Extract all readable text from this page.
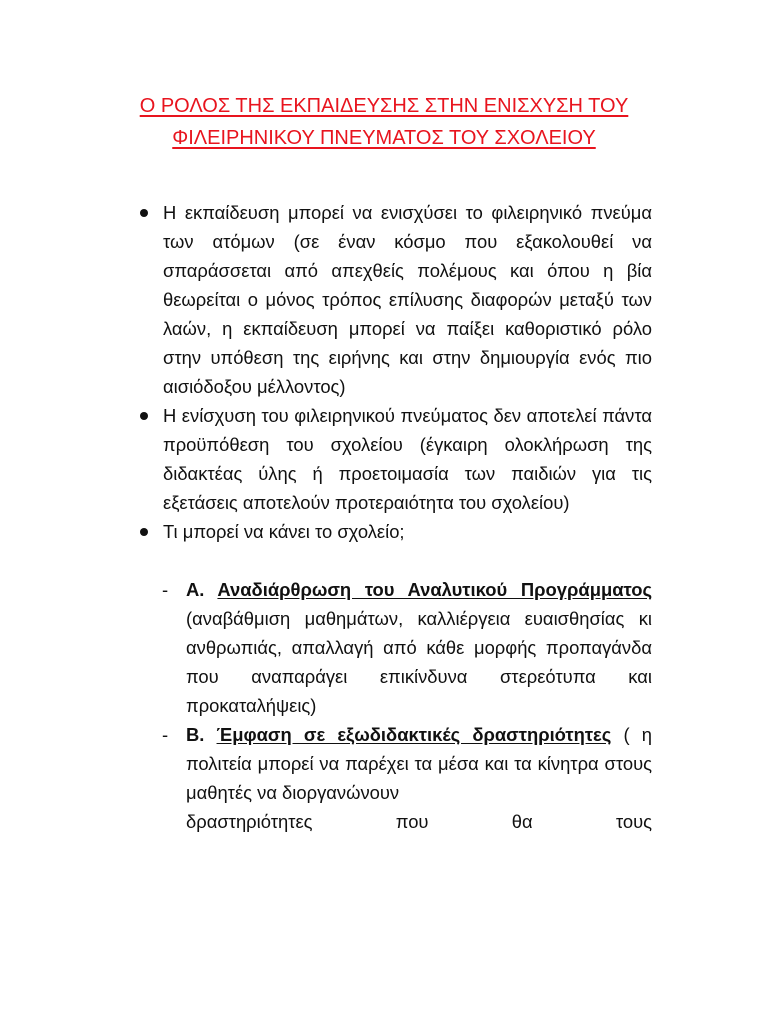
Ο ΡΟΛΟΣ ΤΗΣ ΕΚΠΑΙΔΕΥΣΗΣ ΣΤΗΝ ΕΝΙΣΧΥΣΗ ΤΟΥ
ΦΙΛΕΙΡΗΝΙΚΟΥ ΠΝΕΥΜΑΤΟΣ ΤΟΥ ΣΧΟΛΕΙΟΥ
Η εκπαίδευση μπορεί να ενισχύσει το φιλειρηνικό πνεύμα των ατόμων (σε έναν κόσμο που εξακολουθεί να σπαράσσεται από απεχθείς πολέμους και όπου η βία θεωρείται ο μόνος τρόπος επίλυσης διαφορών μεταξύ των λαών, η εκπαίδευση μπορεί να παίξει καθοριστικό ρόλο στην υπόθεση της ειρήνης και στην δημιουργία ενός πιο αισιόδοξου μέλλοντος)
Η ενίσχυση του φιλειρηνικού πνεύματος δεν αποτελεί πάντα προϋπόθεση του σχολείου (έγκαιρη ολοκλήρωση της διδακτέας ύλης ή προετοιμασία των παιδιών για τις εξετάσεις αποτελούν προτεραιότητα του σχολείου)
Τι μπορεί να κάνει το σχολείο;
- Α. Αναδιάρθρωση του Αναλυτικού Προγράμματος (αναβάθμιση μαθημάτων, καλλιέργεια ευαισθησίας κι ανθρωπιάς, απαλλαγή από κάθε μορφής προπαγάνδα που αναπαράγει επικίνδυνα στερεότυπα και προκαταλήψεις)
- Β. Έμφαση σε εξωδιδακτικές δραστηριότητες ( η πολιτεία μπορεί να παρέχει τα μέσα και τα κίνητρα στους μαθητές να διοργανώνουν
δραστηριότητες που θα τους
